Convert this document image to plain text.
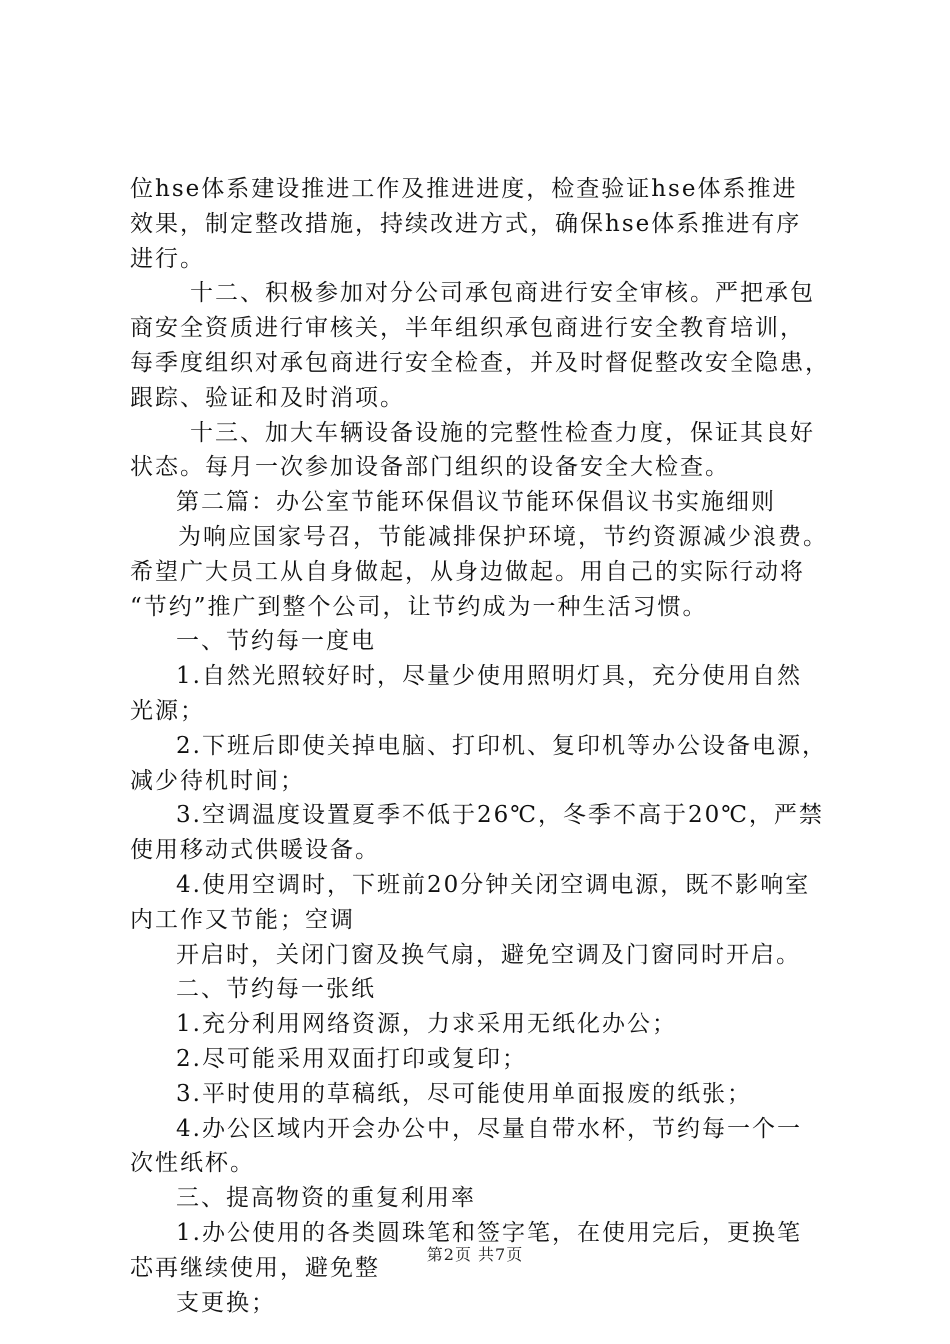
位hse体系建设推进工作及推进进度，检查验证hse体系推进
效果，制定整改措施，持续改进方式，确保hse体系推进有序
进行。
十二、积极参加对分公司承包商进行安全审核。严把承包
商安全资质进行审核关，半年组织承包商进行安全教育培训，
每季度组织对承包商进行安全检查，并及时督促整改安全隐患，
跟踪、验证和及时消项。
十三、加大车辆设备设施的完整性检查力度，保证其良好
状态。每月一次参加设备部门组织的设备安全大检查。
第二篇：办公室节能环保倡议节能环保倡议书实施细则
为响应国家号召，节能减排保护环境，节约资源减少浪费。
希望广大员工从自身做起，从身边做起。用自己的实际行动将
“节约”推广到整个公司，让节约成为一种生活习惯。
一、节约每一度电
1.自然光照较好时，尽量少使用照明灯具，充分使用自然
光源；
2.下班后即使关掉电脑、打印机、复印机等办公设备电源，
减少待机时间；
3.空调温度设置夏季不低于26℃，冬季不高于20℃，严禁
使用移动式供暖设备。
4.使用空调时，下班前20分钟关闭空调电源，既不影响室
内工作又节能；空调
开启时，关闭门窗及换气扇，避免空调及门窗同时开启。
二、节约每一张纸
1.充分利用网络资源，力求采用无纸化办公；
2.尽可能采用双面打印或复印；
3.平时使用的草稿纸，尽可能使用单面报废的纸张；
4.办公区域内开会办公中，尽量自带水杯，节约每一个一
次性纸杯。
三、提高物资的重复利用率
1.办公使用的各类圆珠笔和签字笔，在使用完后，更换笔
芯再继续使用，避免整
支更换；
第2页 共7页
